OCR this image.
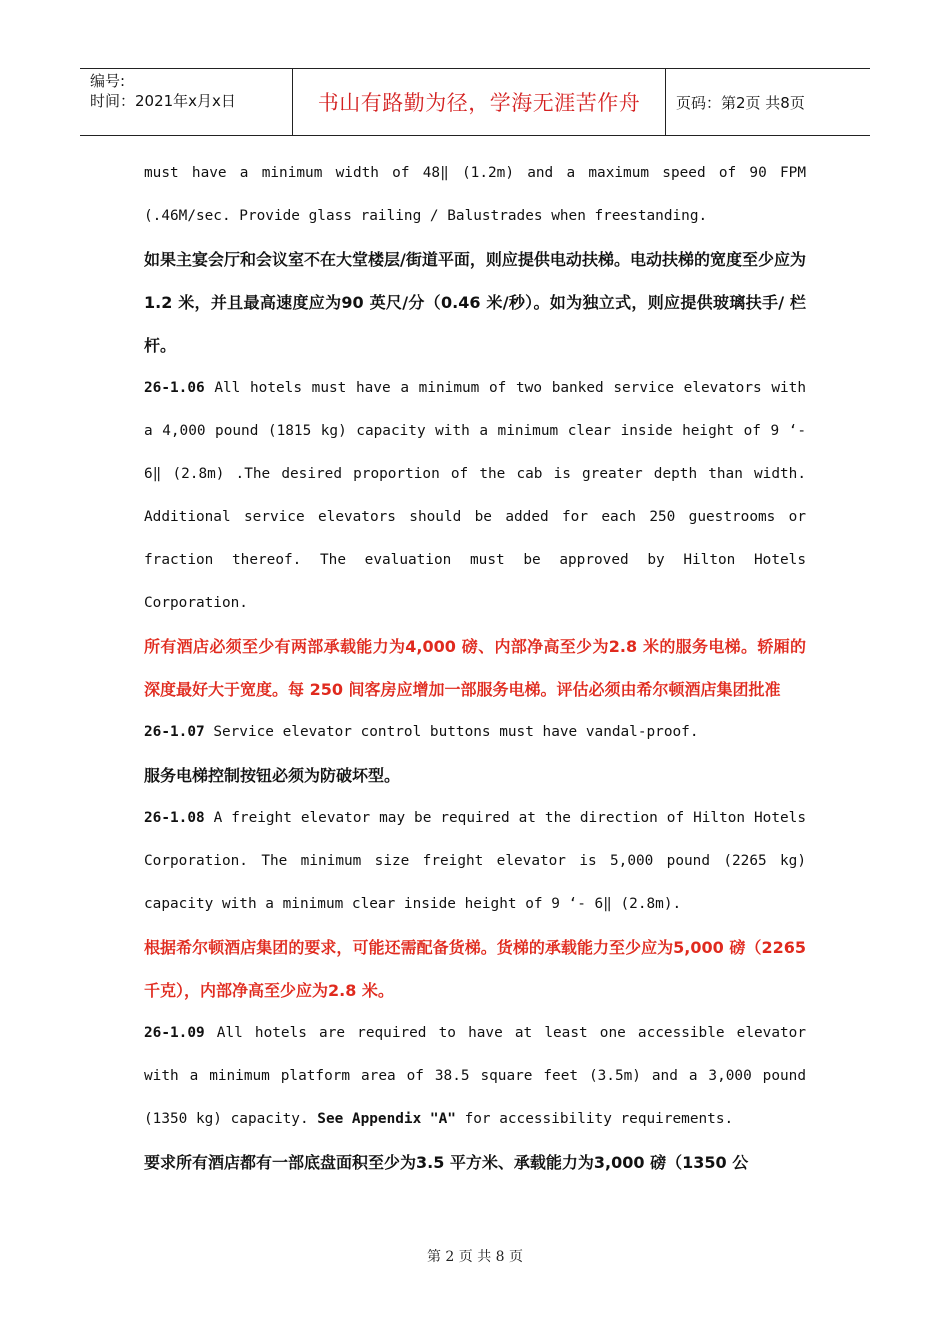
编号:
时间：2021年x月x日	书山有路勤为径，学海无涯苦作舟	页码：第2页 共8页

must have a minimum width of 48‖ (1.2m) and a maximum speed of 90 FPM (.46M/sec. Provide glass railing / Balustrades when freestanding.

如果主宴会厅和会议室不在大堂楼层/街道平面，则应提供电动扶梯。电动扶梯的宽度至少应为 1.2 米，并且最高速度应为90 英尺/分（0.46 米/秒）。如为独立式，则应提供玻璃扶手/ 栏杆。

26-1.06 All hotels must have a minimum of two banked service elevators with a 4,000 pound (1815 kg) capacity with a minimum clear inside height of 9 ‘- 6‖ (2.8m) .The desired proportion of the cab is greater depth than width. Additional service elevators should be added for each 250 guestrooms or fraction thereof. The evaluation must be approved by Hilton Hotels Corporation.

所有酒店必须至少有两部承载能力为4,000 磅、内部净高至少为2.8 米的服务电梯。轿厢的深度最好大于宽度。每 250 间客房应增加一部服务电梯。评估必须由希尔顿酒店集团批准

26-1.07 Service elevator control buttons must have vandal-proof.

服务电梯控制按钮必须为防破坏型。

26-1.08 A freight elevator may be required at the direction of Hilton Hotels Corporation. The minimum size freight elevator is 5,000 pound (2265 kg) capacity with a minimum clear inside height of 9 ‘- 6‖ (2.8m).

根据希尔顿酒店集团的要求，可能还需配备货梯。货梯的承载能力至少应为5,000 磅（2265 千克），内部净高至少应为2.8 米。

26-1.09 All hotels are required to have at least one accessible elevator with a minimum platform area of 38.5 square feet (3.5m) and a 3,000 pound (1350 kg) capacity. See Appendix "A" for accessibility requirements.

要求所有酒店都有一部底盘面积至少为3.5 平方米、承载能力为3,000 磅（1350 公

第 2 页 共 8 页
